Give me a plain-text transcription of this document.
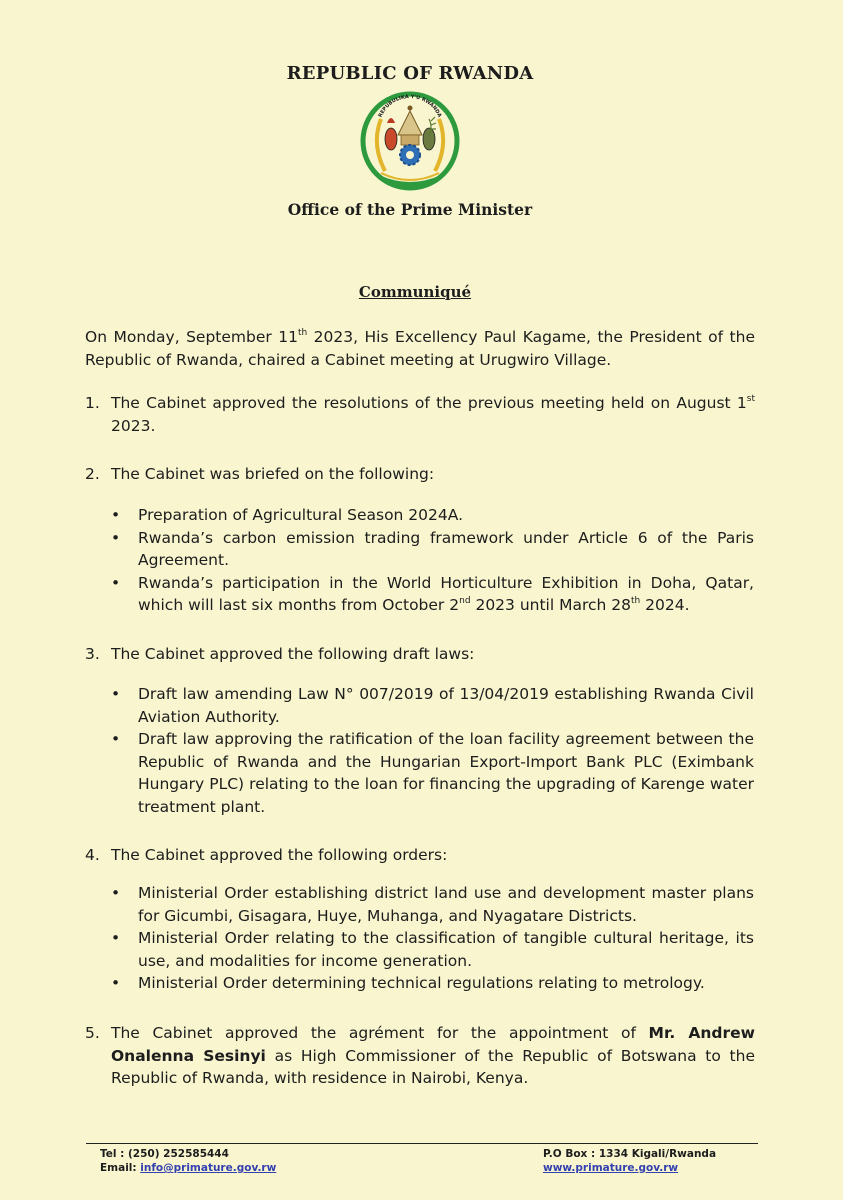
REPUBLIC OF RWANDA
REPUBULIKA Y'U RWANDA
Office of the Prime Minister
Communiqué
On Monday, September 11th 2023, His Excellency Paul Kagame, the President of the Republic of Rwanda, chaired a Cabinet meeting at Urugwiro Village.
1. The Cabinet approved the resolutions of the previous meeting held on August 1st 2023.
2. The Cabinet was briefed on the following:
• Preparation of Agricultural Season 2024A.
• Rwanda’s carbon emission trading framework under Article 6 of the Paris Agreement.
• Rwanda’s participation in the World Horticulture Exhibition in Doha, Qatar, which will last six months from October 2nd 2023 until March 28th 2024.
3. The Cabinet approved the following draft laws:
• Draft law amending Law N° 007/2019 of 13/04/2019 establishing Rwanda Civil Aviation Authority.
• Draft law approving the ratification of the loan facility agreement between the Republic of Rwanda and the Hungarian Export-Import Bank PLC (Eximbank Hungary PLC) relating to the loan for financing the upgrading of Karenge water treatment plant.
4. The Cabinet approved the following orders:
• Ministerial Order establishing district land use and development master plans for Gicumbi, Gisagara, Huye, Muhanga, and Nyagatare Districts.
• Ministerial Order relating to the classification of tangible cultural heritage, its use, and modalities for income generation.
• Ministerial Order determining technical regulations relating to metrology.
5. The Cabinet approved the agrément for the appointment of Mr. Andrew Onalenna Sesinyi as High Commissioner of the Republic of Botswana to the Republic of Rwanda, with residence in Nairobi, Kenya.
Tel : (250) 252585444
Email: info@primature.gov.rw
P.O Box : 1334 Kigali/Rwanda
www.primature.gov.rw
